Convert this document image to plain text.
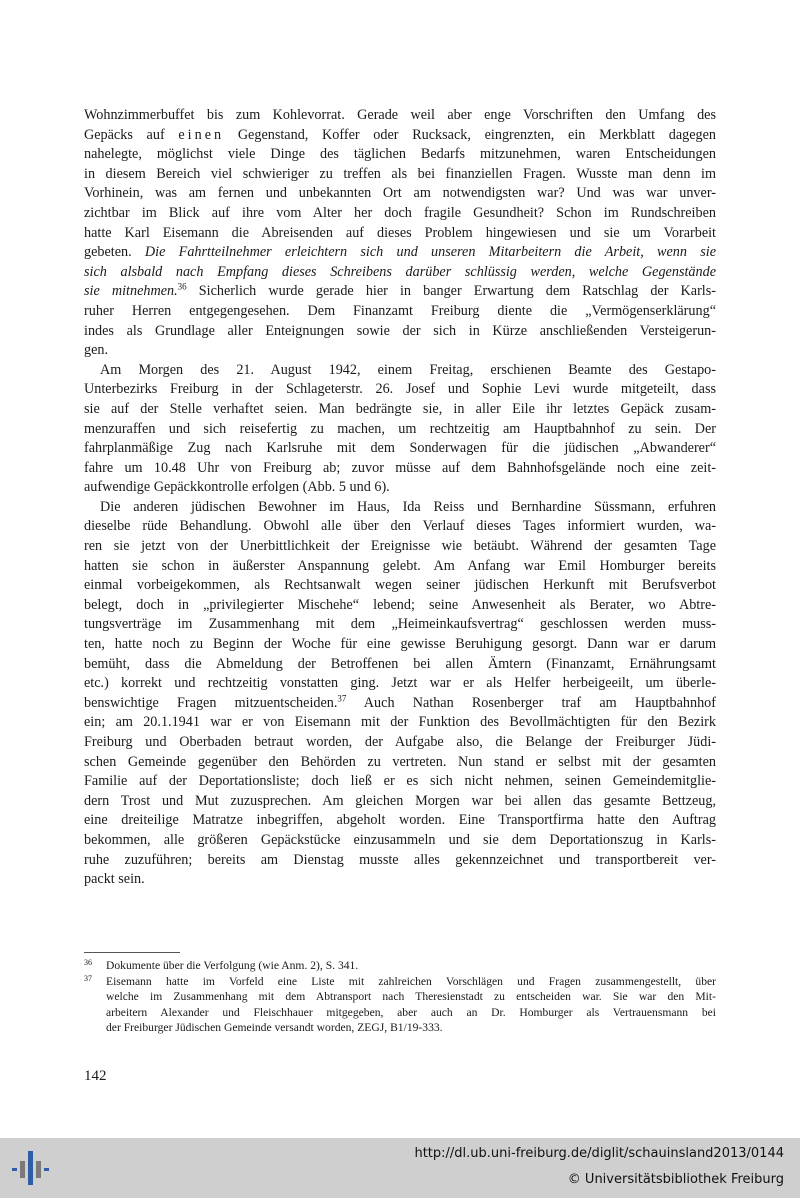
Wohnzimmerbuffet bis zum Kohlevorrat. Gerade weil aber enge Vorschriften den Umfang des
Gepäcks auf einen Gegenstand, Koffer oder Rucksack, eingrenzten, ein Merkblatt dagegen
nahelegte, möglichst viele Dinge des täglichen Bedarfs mitzunehmen, waren Entscheidungen
in diesem Bereich viel schwieriger zu treffen als bei finanziellen Fragen. Wusste man denn im
Vorhinein, was am fernen und unbekannten Ort am notwendigsten war? Und was war unver-
zichtbar im Blick auf ihre vom Alter her doch fragile Gesundheit? Schon im Rundschreiben
hatte Karl Eisemann die Abreisenden auf dieses Problem hingewiesen und sie um Vorarbeit
gebeten. Die Fahrtteilnehmer erleichtern sich und unseren Mitarbeitern die Arbeit, wenn sie
sich alsbald nach Empfang dieses Schreibens darüber schlüssig werden, welche Gegenstände
sie mitnehmen.$^{36}$ Sicherlich wurde gerade hier in banger Erwartung dem Ratschlag der Karls-
ruher Herren entgegengesehen. Dem Finanzamt Freiburg diente die „Vermögenserklärung“
indes als Grundlage aller Enteignungen sowie der sich in Kürze anschließenden Versteigerun-
gen.
Am Morgen des 21. August 1942, einem Freitag, erschienen Beamte des Gestapo-
Unterbezirks Freiburg in der Schlageterstr. 26. Josef und Sophie Levi wurde mitgeteilt, dass
sie auf der Stelle verhaftet seien. Man bedrängte sie, in aller Eile ihr letztes Gepäck zusam-
menzuraffen und sich reisefertig zu machen, um rechtzeitig am Hauptbahnhof zu sein. Der
fahrplanmäßige Zug nach Karlsruhe mit dem Sonderwagen für die jüdischen „Abwanderer“
fahre um 10.48 Uhr von Freiburg ab; zuvor müsse auf dem Bahnhofsgelände noch eine zeit-
aufwendige Gepäckkontrolle erfolgen (Abb. 5 und 6).
Die anderen jüdischen Bewohner im Haus, Ida Reiss und Bernhardine Süssmann, erfuhren
dieselbe rüde Behandlung. Obwohl alle über den Verlauf dieses Tages informiert wurden, wa-
ren sie jetzt von der Unerbittlichkeit der Ereignisse wie betäubt. Während der gesamten Tage
hatten sie schon in äußerster Anspannung gelebt. Am Anfang war Emil Homburger bereits
einmal vorbeigekommen, als Rechtsanwalt wegen seiner jüdischen Herkunft mit Berufsverbot
belegt, doch in „privilegierter Mischehe“ lebend; seine Anwesenheit als Berater, wo Abtre-
tungsverträge im Zusammenhang mit dem „Heimeinkaufsvertrag“ geschlossen werden muss-
ten, hatte noch zu Beginn der Woche für eine gewisse Beruhigung gesorgt. Dann war er darum
bemüht, dass die Abmeldung der Betroffenen bei allen Ämtern (Finanzamt, Ernährungsamt
etc.) korrekt und rechtzeitig vonstatten ging. Jetzt war er als Helfer herbeigeeilt, um überle-
benswichtige Fragen mitzuentscheiden.$^{37}$ Auch Nathan Rosenberger traf am Hauptbahnhof
ein; am 20.1.1941 war er von Eisemann mit der Funktion des Bevollmächtigten für den Bezirk
Freiburg und Oberbaden betraut worden, der Aufgabe also, die Belange der Freiburger Jüdi-
schen Gemeinde gegenüber den Behörden zu vertreten. Nun stand er selbst mit der gesamten
Familie auf der Deportationsliste; doch ließ er es sich nicht nehmen, seinen Gemeindemitglie-
dern Trost und Mut zuzusprechen. Am gleichen Morgen war bei allen das gesamte Bettzeug,
eine dreiteilige Matratze inbegriffen, abgeholt worden. Eine Transportfirma hatte den Auftrag
bekommen, alle größeren Gepäckstücke einzusammeln und sie dem Deportationszug in Karls-
ruhe zuzuführen; bereits am Dienstag musste alles gekennzeichnet und transportbereit ver-
packt sein.
36 Dokumente über die Verfolgung (wie Anm. 2), S. 341.
37 Eisemann hatte im Vorfeld eine Liste mit zahlreichen Vorschlägen und Fragen zusammengestellt, über
welche im Zusammenhang mit dem Abtransport nach Theresienstadt zu entscheiden war. Sie war den Mit-
arbeitern Alexander und Fleischhauer mitgegeben, aber auch an Dr. Homburger als Vertrauensmann bei
der Freiburger Jüdischen Gemeinde versandt worden, ZEGJ, B1/19-333.
142
http://dl.ub.uni-freiburg.de/diglit/schauinsland2013/0144
© Universitätsbibliothek Freiburg
